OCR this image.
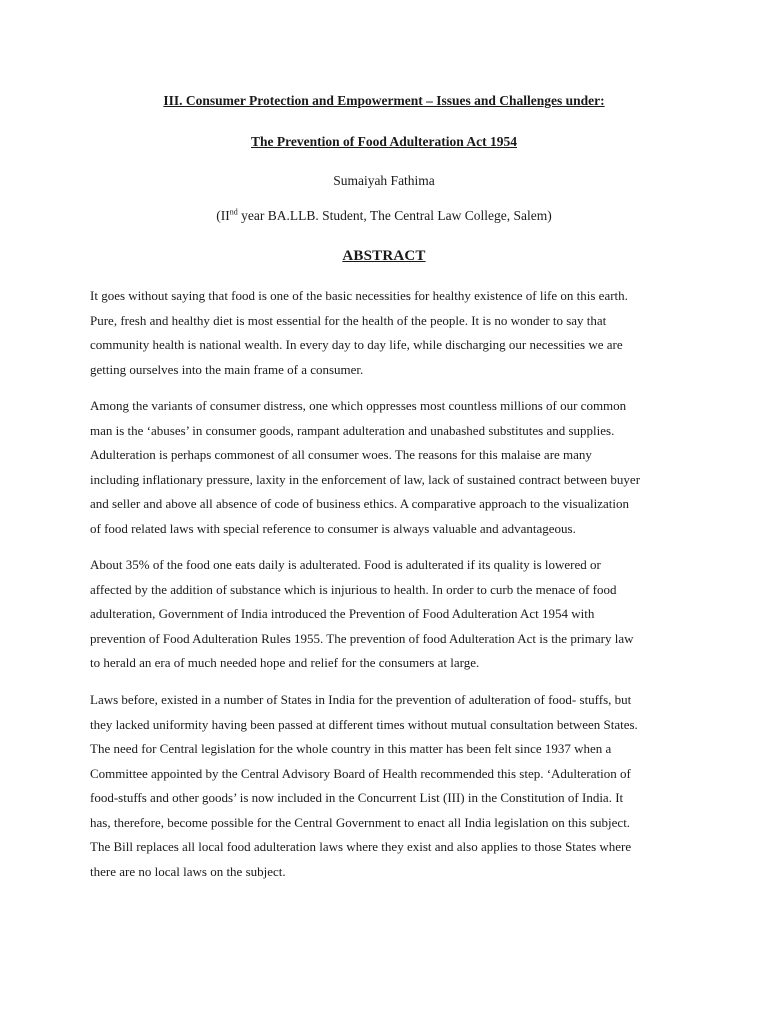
III. Consumer Protection and Empowerment – Issues and Challenges under:
The Prevention of Food Adulteration Act 1954
Sumaiyah Fathima
(IInd year BA.LLB. Student, The Central Law College, Salem)
ABSTRACT
It goes without saying that food is one of the basic necessities for healthy existence of life on this earth.
Pure, fresh and healthy diet is most essential for the health of the people. It is no wonder to say that
community health is national wealth. In every day to day life, while discharging our necessities we are
getting ourselves into the main frame of a consumer.
Among the variants of consumer distress, one which oppresses most countless millions of our common
man is the ‘abuses’ in consumer goods, rampant adulteration and unabashed substitutes and supplies.
Adulteration is perhaps commonest of all consumer woes. The reasons for this malaise are many
including inflationary pressure, laxity in the enforcement of law, lack of sustained contract between buyer
and seller and above all absence of code of business ethics. A comparative approach to the visualization
of food related laws with special reference to consumer is always valuable and advantageous.
About 35% of the food one eats daily is adulterated. Food is adulterated if its quality is lowered or
affected by the addition of substance which is injurious to health. In order to curb the menace of food
adulteration, Government of India introduced the Prevention of Food Adulteration Act 1954 with
prevention of Food Adulteration Rules 1955. The prevention of food Adulteration Act is the primary law
to herald an era of much needed hope and relief for the consumers at large.
Laws before, existed in a number of States in India for the prevention of adulteration of food- stuffs, but
they lacked uniformity having been passed at different times without mutual consultation between States.
The need for Central legislation for the whole country in this matter has been felt since 1937 when a
Committee appointed by the Central Advisory Board of Health recommended this step. ‘Adulteration of
food-stuffs and other goods’ is now included in the Concurrent List (III) in the Constitution of India. It
has, therefore, become possible for the Central Government to enact all India legislation on this subject.
The Bill replaces all local food adulteration laws where they exist and also applies to those States where
there are no local laws on the subject.
